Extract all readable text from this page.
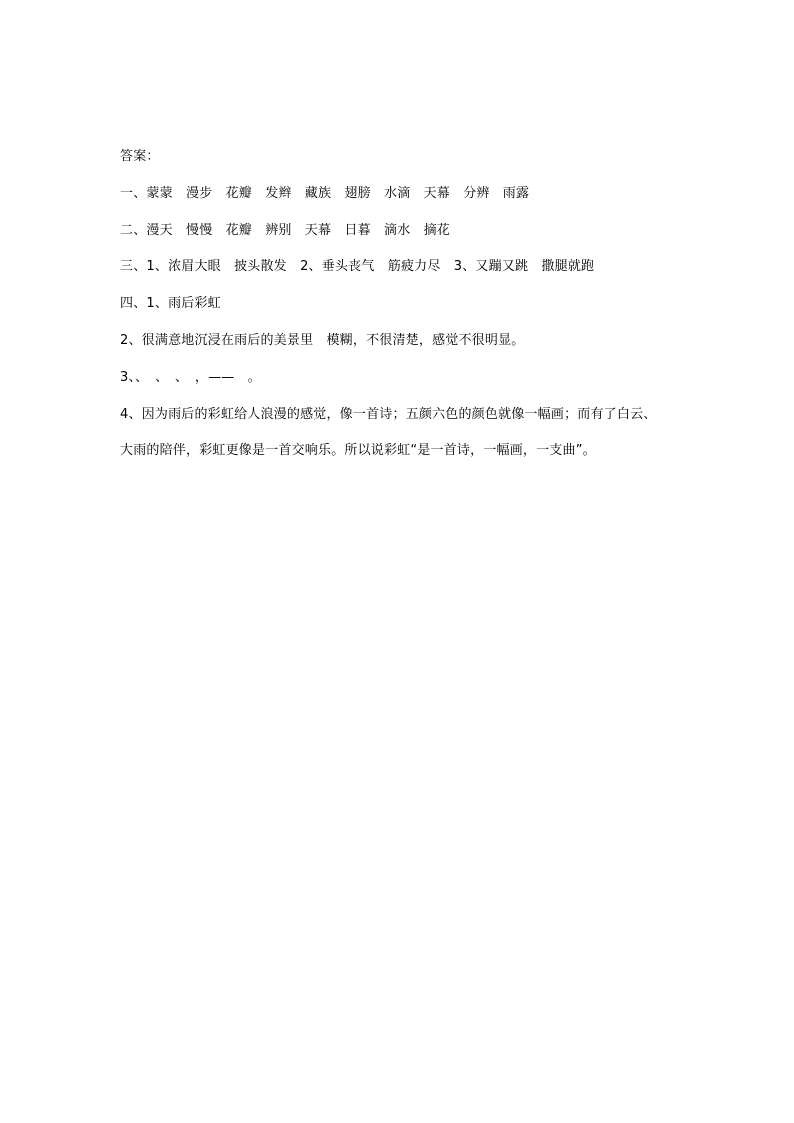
答案：
一、蒙蒙　漫步　花瓣　发辫　藏族　翅膀　水滴　天幕　分辨　雨露
二、漫天　慢慢　花瓣　辨别　天幕　日暮　滴水　摘花
三、1、浓眉大眼　披头散发　2、垂头丧气　筋疲力尽　3、又蹦又跳　撒腿就跑
四、1、雨后彩虹
2、很满意地沉浸在雨后的美景里　模糊，不很清楚，感觉不很明显。
3、、　、　、　，——　。
4、因为雨后的彩虹给人浪漫的感觉，像一首诗；五颜六色的颜色就像一幅画；而有了白云、
大雨的陪伴，彩虹更像是一首交响乐。所以说彩虹“是一首诗，一幅画，一支曲”。
